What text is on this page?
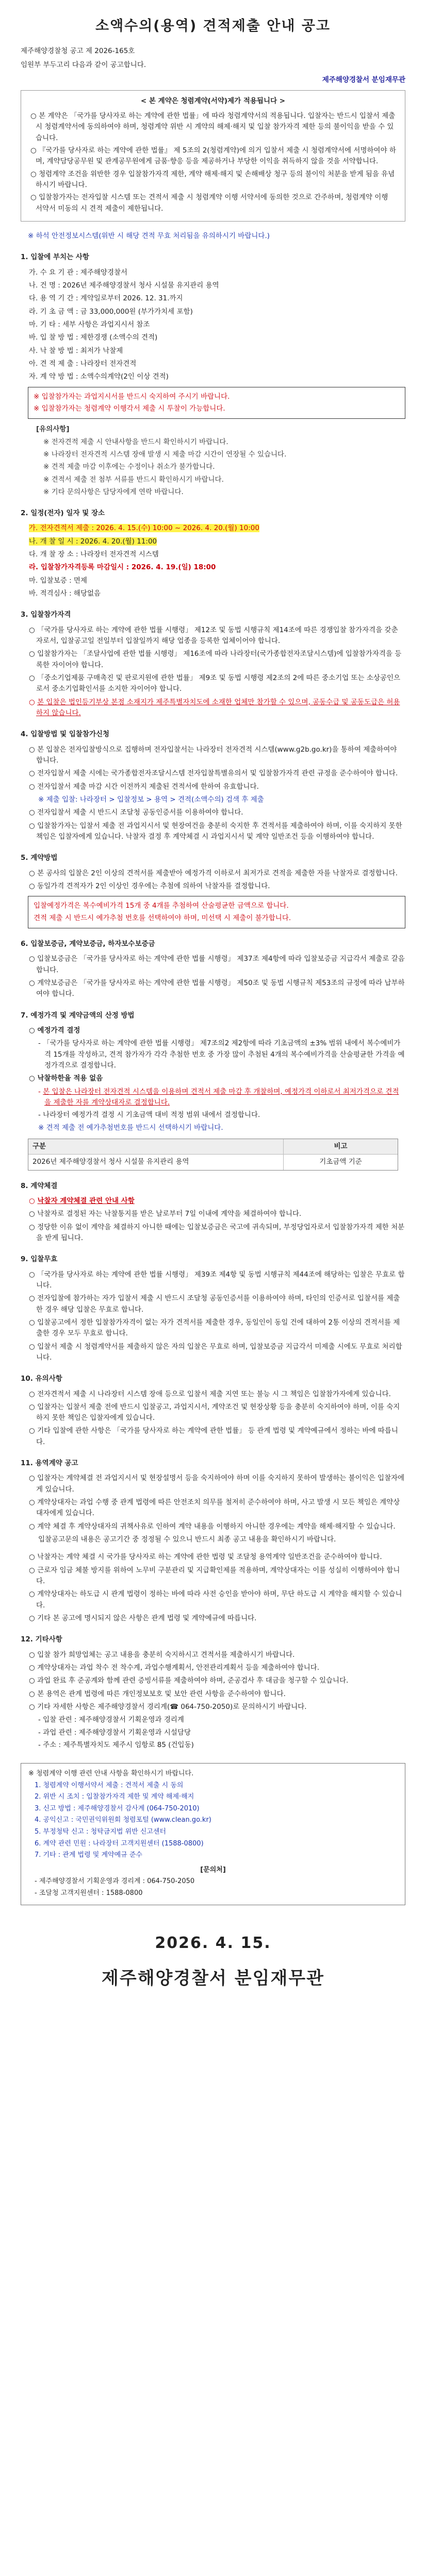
소액수의(용역) 견적제출 안내 공고

제주해양경찰청 공고 제 2026-165호

임원부 부두고리 다음과 같이 공고합니다.

제주해양경찰서 분임재무관
< 본 계약은 청렴계약(서약)제가 적용됩니다 >

○ 본 계약은 「국가를 당사자로 하는 계약에 관한 법률」에 따라 청렴계약서의 적용됩니다. 입찰자는 반드시 입찰서 제출 시 청렴계약서에 동의하여야 하며, 청렴계약 위반 시 계약의 해제·해지 및 입찰 참가자격 제한 등의 불이익을 받을 수 있습니다.

○ 『국가를 당사자로 하는 계약에 관한 법률』 제 5조의 2(청렴계약)에 의거 입찰서 제출 시 청렴계약서에 서명하여야 하며, 계약담당공무원 및 관계공무원에게 금품·향응 등을 제공하거나 부당한 이익을 취득하지 않을 것을 서약합니다.

○ 청렴계약 조건을 위반한 경우 입찰참가자격 제한, 계약 해제·해지 및 손해배상 청구 등의 불이익 처분을 받게 됨을 유념하시기 바랍니다.

○ 입찰참가자는 전자입찰 시스템 또는 견적서 제출 시 청렴계약 이행 서약서에 동의한 것으로 간주하며, 청렴계약 이행 서약서 미동의 시 견적 제출이 제한됩니다.

※ 하석 안전정보시스템(위반 시 해당 견적 무효 처리됨을 유의하시기 바랍니다.)

1. 입찰에 부치는 사항

가. 수 요 기 관 : 제주해양경찰서

나. 건 명 : 2026년 제주해양경찰서 청사 시설물 유지관리 용역

다. 용 역 기 간 : 계약일로부터 2026. 12. 31.까지

라. 기 초 금 액 : 금 33,000,000원 (부가가치세 포함)

마. 기 타 : 세부 사항은 과업지시서 참조

바. 입 찰 방 법 : 제한경쟁 (소액수의 견적)

사. 낙 찰 방 법 : 최저가 낙찰제

아. 견 적 제 출 : 나라장터 전자견적

자. 계 약 방 법 : 소액수의계약(2인 이상 견적)

※ 입찰참가자는 과업지시서를 반드시 숙지하여 주시기 바랍니다.

※ 입찰참가자는 청렴계약 이행각서 제출 시 투찰이 가능합니다.

[유의사항]

※ 전자견적 제출 시 안내사항을 반드시 확인하시기 바랍니다.

※ 나라장터 전자견적 시스템 장애 발생 시 제출 마감 시간이 연장될 수 있습니다.

※ 견적 제출 마감 이후에는 수정이나 취소가 불가합니다.

※ 견적서 제출 전 첨부 서류를 반드시 확인하시기 바랍니다.

※ 기타 문의사항은 담당자에게 연락 바랍니다.

2. 일정(전자) 일자 및 장소

가. 전자견적서 제출 : 2026. 4. 15.(수) 10:00 ~ 2026. 4. 20.(월) 10:00

나. 개 찰 일 시 : 2026. 4. 20.(월) 11:00

다. 개 찰 장 소 : 나라장터 전자견적 시스템

라. 입찰참가자격등록 마감일시 : 2026. 4. 19.(일) 18:00

마. 입찰보증 : 면제

바. 적격심사 : 해당없음

3. 입찰참가자격

○ 「국가를 당사자로 하는 계약에 관한 법률 시행령」 제12조 및 동법 시행규칙 제14조에 따른 경쟁입찰 참가자격을 갖춘 자로서, 입찰공고일 전일부터 입찰일까지 해당 업종을 등록한 업체이어야 합니다.

○ 입찰참가자는 「조달사업에 관한 법률 시행령」 제16조에 따라 나라장터(국가종합전자조달시스템)에 입찰참가자격을 등록한 자이어야 합니다.

○ 「중소기업제품 구매촉진 및 판로지원에 관한 법률」 제9조 및 동법 시행령 제2조의 2에 따른 중소기업 또는 소상공인으로서 중소기업확인서를 소지한 자이어야 합니다.

○ 본 입찰은 법인등기부상 본점 소재지가 제주특별자치도에 소재한 업체만 참가할 수 있으며, 공동수급 및 공동도급은 허용하지 않습니다.

4. 입찰방법 및 입찰참가신청

○ 본 입찰은 전자입찰방식으로 집행하며 전자입찰서는 나라장터 전자견적 시스템(www.g2b.go.kr)을 통하여 제출하여야 합니다.

○ 전자입찰서 제출 시에는 국가종합전자조달시스템 전자입찰특별유의서 및 입찰참가자격 관련 규정을 준수하여야 합니다.

○ 전자입찰서 제출 마감 시간 이전까지 제출된 견적서에 한하여 유효합니다.

※ 제출 입찰: 나라장터 > 입찰정보 > 용역 > 견적(소액수의) 검색 후 제출

○ 전자입찰서 제출 시 반드시 조달청 공동인증서를 이용하여야 합니다.

○ 입찰참가자는 입찰서 제출 전 과업지시서 및 현장여건을 충분히 숙지한 후 견적서를 제출하여야 하며, 이를 숙지하지 못한 책임은 입찰자에게 있습니다. 낙찰자 결정 후 계약체결 시 과업지시서 및 계약 일반조건 등을 이행하여야 합니다.

5. 계약방법

○ 본 공사의 입찰은 2인 이상의 견적서를 제출받아 예정가격 이하로서 최저가로 견적을 제출한 자를 낙찰자로 결정합니다.

○ 동일가격 견적자가 2인 이상인 경우에는 추첨에 의하여 낙찰자를 결정합니다.

입찰예정가격은 복수예비가격 15개 중 4개를 추첨하여 산술평균한 금액으로 합니다.

견적 제출 시 반드시 예가추첨 번호를 선택하여야 하며, 미선택 시 제출이 불가합니다.

6. 입찰보증금, 계약보증금, 하자보수보증금

○ 입찰보증금은 「국가를 당사자로 하는 계약에 관한 법률 시행령」 제37조 제4항에 따라 입찰보증금 지급각서 제출로 갈음합니다.

○ 계약보증금은 「국가를 당사자로 하는 계약에 관한 법률 시행령」 제50조 및 동법 시행규칙 제53조의 규정에 따라 납부하여야 합니다.

7. 예정가격 및 계약금액의 산정 방법

○ 예정가격 결정

- 「국가를 당사자로 하는 계약에 관한 법률 시행령」 제7조의2 제2항에 따라 기초금액의 ±3% 범위 내에서 복수예비가격 15개를 작성하고, 견적 참가자가 각각 추첨한 번호 중 가장 많이 추첨된 4개의 복수예비가격을 산술평균한 가격을 예정가격으로 결정합니다.

○ 낙찰하한율 적용 없음

- 본 입찰은 나라장터 전자견적 시스템을 이용하며 견적서 제출 마감 후 개찰하며, 예정가격 이하로서 최저가격으로 견적을 제출한 자를 계약상대자로 결정합니다.

- 나라장터 예정가격 결정 시 기초금액 대비 적정 범위 내에서 결정합니다.

※ 견적 제출 전 예가추첨번호를 반드시 선택하시기 바랍니다.

구분	비고
2026년 제주해양경찰서 청사 시설물 유지관리 용역	기초금액 기준
8. 계약체결

○ 낙찰자 계약체결 관련 안내 사항

○ 낙찰자로 결정된 자는 낙찰통지를 받은 날로부터 7일 이내에 계약을 체결하여야 합니다.

○ 정당한 이유 없이 계약을 체결하지 아니한 때에는 입찰보증금은 국고에 귀속되며, 부정당업자로서 입찰참가자격 제한 처분을 받게 됩니다.

9. 입찰무효

○ 「국가를 당사자로 하는 계약에 관한 법률 시행령」 제39조 제4항 및 동법 시행규칙 제44조에 해당하는 입찰은 무효로 합니다.

○ 전자입찰에 참가하는 자가 입찰서 제출 시 반드시 조달청 공동인증서를 이용하여야 하며, 타인의 인증서로 입찰서를 제출한 경우 해당 입찰은 무효로 합니다.

○ 입찰공고에서 정한 입찰참가자격이 없는 자가 견적서를 제출한 경우, 동일인이 동일 건에 대하여 2통 이상의 견적서를 제출한 경우 모두 무효로 합니다.

○ 입찰서 제출 시 청렴계약서를 제출하지 않은 자의 입찰은 무효로 하며, 입찰보증금 지급각서 미제출 시에도 무효로 처리합니다.

10. 유의사항

○ 전자견적서 제출 시 나라장터 시스템 장애 등으로 입찰서 제출 지연 또는 불능 시 그 책임은 입찰참가자에게 있습니다.

○ 입찰자는 입찰서 제출 전에 반드시 입찰공고, 과업지시서, 계약조건 및 현장상황 등을 충분히 숙지하여야 하며, 이를 숙지하지 못한 책임은 입찰자에게 있습니다.

○ 기타 입찰에 관한 사항은 「국가를 당사자로 하는 계약에 관한 법률」 등 관계 법령 및 계약예규에서 정하는 바에 따릅니다.

11. 용역계약 공고

○ 입찰자는 계약체결 전 과업지시서 및 현장설명서 등을 숙지하여야 하며 이를 숙지하지 못하여 발생하는 불이익은 입찰자에게 있습니다.

○ 계약상대자는 과업 수행 중 관계 법령에 따른 안전조치 의무를 철저히 준수하여야 하며, 사고 발생 시 모든 책임은 계약상대자에게 있습니다.

○ 계약 체결 후 계약상대자의 귀책사유로 인하여 계약 내용을 이행하지 아니한 경우에는 계약을 해제·해지할 수 있습니다.

입찰공고문의 내용은 공고기간 중 정정될 수 있으니 반드시 최종 공고 내용을 확인하시기 바랍니다.

○ 낙찰자는 계약 체결 시 국가를 당사자로 하는 계약에 관한 법령 및 조달청 용역계약 일반조건을 준수하여야 합니다.

○ 근로자 임금 체불 방지를 위하여 노무비 구분관리 및 지급확인제를 적용하며, 계약상대자는 이를 성실히 이행하여야 합니다.

○ 계약상대자는 하도급 시 관계 법령이 정하는 바에 따라 사전 승인을 받아야 하며, 무단 하도급 시 계약을 해지할 수 있습니다.

○ 기타 본 공고에 명시되지 않은 사항은 관계 법령 및 계약예규에 따릅니다.

12. 기타사항

○ 입찰 참가 희망업체는 공고 내용을 충분히 숙지하시고 견적서를 제출하시기 바랍니다.

○ 계약상대자는 과업 착수 전 착수계, 과업수행계획서, 안전관리계획서 등을 제출하여야 합니다.

○ 과업 완료 후 준공계와 함께 관련 증빙서류를 제출하여야 하며, 준공검사 후 대금을 청구할 수 있습니다.

○ 본 용역은 관계 법령에 따른 개인정보보호 및 보안 관련 사항을 준수하여야 합니다.

○ 기타 자세한 사항은 제주해양경찰서 경리계(☎ 064-750-2050)로 문의하시기 바랍니다.

- 입찰 관련 : 제주해양경찰서 기획운영과 경리계

- 과업 관련 : 제주해양경찰서 기획운영과 시설담당

- 주소 : 제주특별자치도 제주시 임항로 85 (건입동)

※ 청렴계약 이행 관련 안내 사항을 확인하시기 바랍니다.
1. 청렴계약 이행서약서 제출 : 견적서 제출 시 동의
2. 위반 시 조치 : 입찰참가자격 제한 및 계약 해제·해지
3. 신고 방법 : 제주해양경찰서 감사계 (064-750-2010)
4. 공익신고 : 국민권익위원회 청렴포털 (www.clean.go.kr)
5. 부정청탁 신고 : 청탁금지법 위반 신고센터
6. 계약 관련 민원 : 나라장터 고객지원센터 (1588-0800)
7. 기타 : 관계 법령 및 계약예규 준수
[문의처]
- 제주해양경찰서 기획운영과 경리계 : 064-750-2050
- 조달청 고객지원센터 : 1588-0800
2026. 4. 15.
제주해양경찰서 분임재무관
